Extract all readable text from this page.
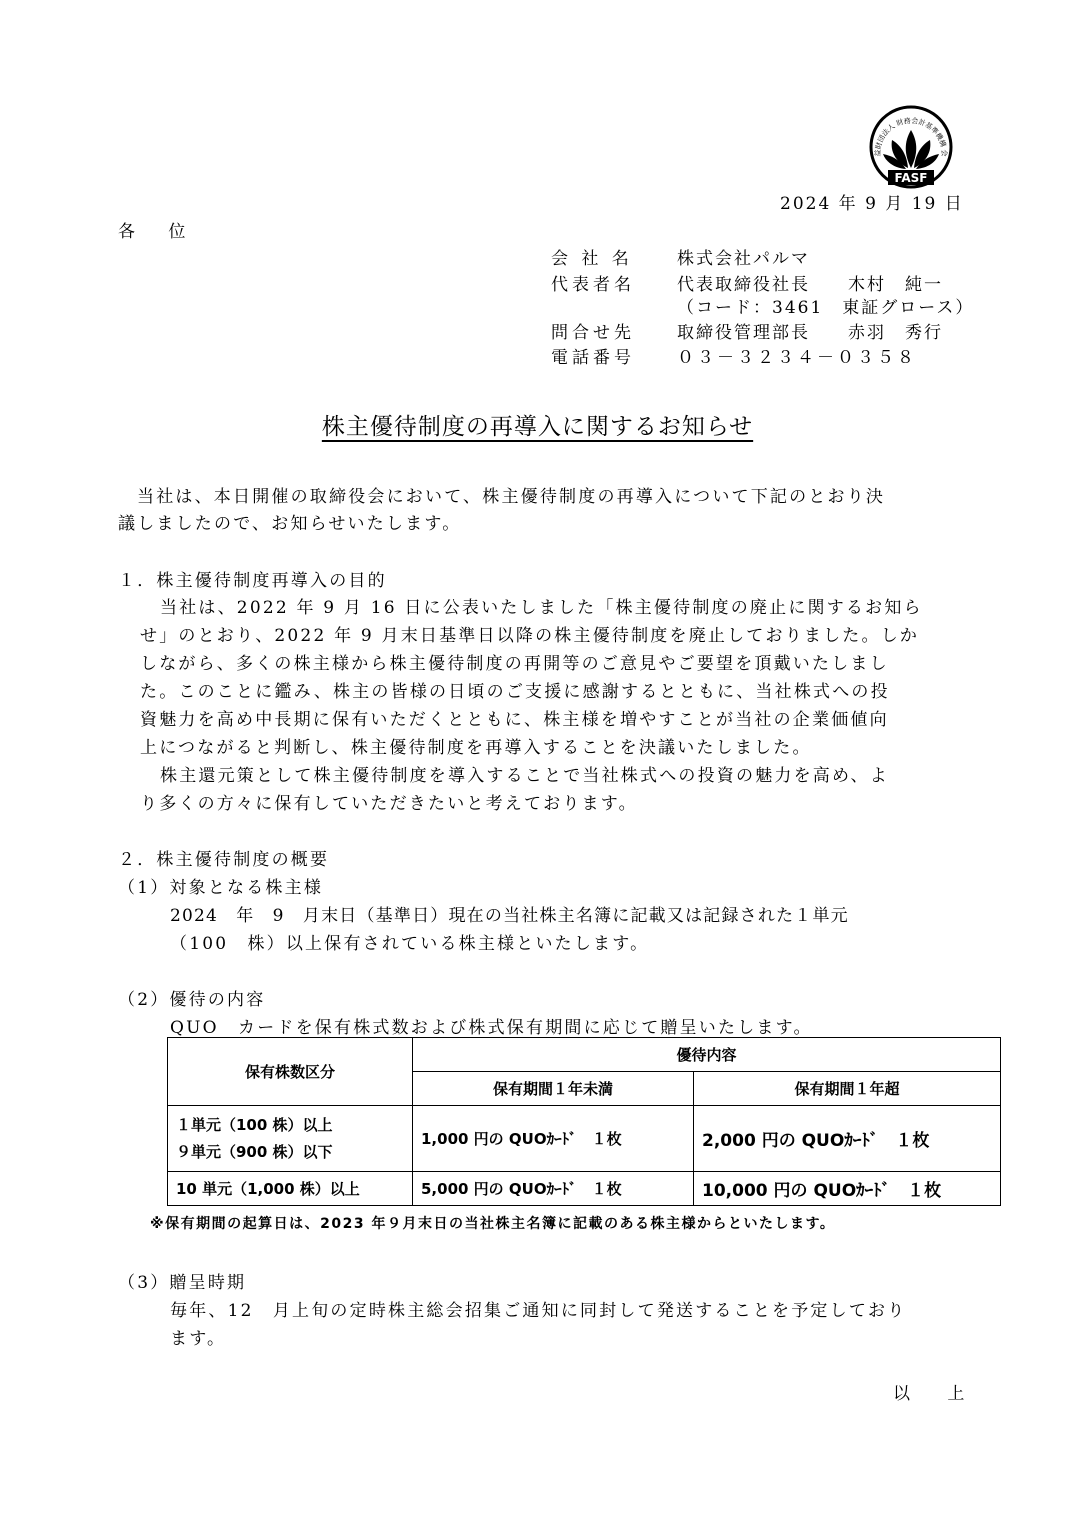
益財団法人 財務会計基準機構 会
FASF
2024 年 9 月 19 日
各 位
会 社 名	株式会社パルマ
代表者名 代表取締役社長　　木村　純一
（コード：3461　東証グロース）
問合せ先 取締役管理部長　　赤羽　秀行
電話番号 ０３－３２３４－０３５８
株主優待制度の再導入に関するお知らせ
当社は、本日開催の取締役会において、株主優待制度の再導入について下記のとおり決
議しましたので、お知らせいたします。
１．株主優待制度再導入の目的
当社は、2022 年 9 月 16 日に公表いたしました「株主優待制度の廃止に関するお知ら
せ」のとおり、2022 年 9 月末日基準日以降の株主優待制度を廃止しておりました。しか
しながら、多くの株主様から株主優待制度の再開等のご意見やご要望を頂戴いたしまし
た。このことに鑑み、株主の皆様の日頃のご支援に感謝するとともに、当社株式への投
資魅力を高め中長期に保有いただくとともに、株主様を増やすことが当社の企業価値向
上につながると判断し、株主優待制度を再導入することを決議いたしました。
株主還元策として株主優待制度を導入することで当社株式への投資の魅力を高め、よ
り多くの方々に保有していただきたいと考えております。
２．株主優待制度の概要
（1）対象となる株主様
2024　年　9　月末日（基準日）現在の当社株主名簿に記載又は記録された１単元
（100　株）以上保有されている株主様といたします。
（2）優待の内容
QUO　カードを保有株式数および株式保有期間に応じて贈呈いたします。
保有株数区分	優待内容	
	保有期間１年未満	保有期間１年超

１単元（100 株）以上
９単元（900 株）以下	1,000 円の QUOｶｰﾄﾞ　１枚	2,000 円の QUOｶｰﾄﾞ　１枚
10 単元（1,000 株）以上	5,000 円の QUOｶｰﾄﾞ　１枚	10,000 円の QUOｶｰﾄﾞ　１枚
※保有期間の起算日は、2023 年９月末日の当社株主名簿に記載のある株主様からといたします。
（3）贈呈時期
毎年、12　月上旬の定時株主総会招集ご通知に同封して発送することを予定しており
ます。
以 上
